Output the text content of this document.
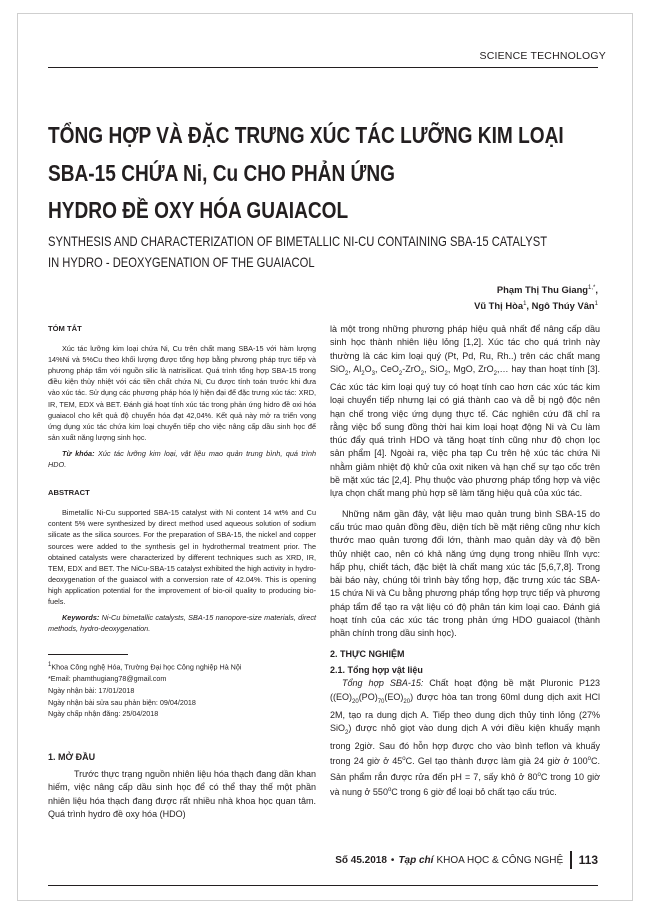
SCIENCE TECHNOLOGY
TỔNG HỢP VÀ ĐẶC TRƯNG XÚC TÁC LƯỠNG KIM LOẠI
SBA-15 CHỨA Ni, Cu CHO PHẢN ỨNG
HYDRO ĐỀ OXY HÓA GUAIACOL
SYNTHESIS AND CHARACTERIZATION OF BIMETALLIC NI-CU CONTAINING SBA-15 CATALYST
IN HYDRO - DEOXYGENATION OF THE GUAIACOL
Phạm Thị Thu Giang$^{1,*}$,
Vũ Thị Hòa$^1$, Ngô Thúy Vân$^1$
TÓM TẮT

Xúc tác lưỡng kim loại chứa Ni, Cu trên chất mang SBA-15 với hàm lượng 14%Ni và 5%Cu theo khối lượng được tổng hợp bằng phương pháp trực tiếp và phương pháp tẩm với nguồn silic là natrisilicat. Quá trình tổng hợp SBA-15 trong điều kiện thủy nhiệt với các tiền chất chứa Ni, Cu được tính toán trước khi đưa vào xúc tác. Sử dụng các phương pháp hóa lý hiện đại để đặc trưng xúc tác: XRD, IR, TEM, EDX và BET. Đánh giá hoạt tính xúc tác trong phản ứng hidro đề oxi hóa guaiacol cho kết quả độ chuyển hóa đạt 42,04%. Kết quả này mở ra triển vọng ứng dụng xúc tác chứa kim loại chuyển tiếp cho việc nâng cấp dầu sinh học để sản xuất năng lượng sinh học.

Từ khóa: Xúc tác lưỡng kim loại, vật liệu mao quản trung bình, quá trình HDO.

ABSTRACT

Bimetallic Ni-Cu supported SBA-15 catalyst with Ni content 14 wt% and Cu content 5% were synthesized by direct method used aqueous solution of sodium silicate as the silica sources. For the preparation of SBA-15, the nickel and copper sources were added to the synthesis gel in hydrothermal treatment prior. The obtained catalysts were characterized by different techniques such as XRD, IR, TEM, EDX and BET. The NiCu-SBA-15 catalyst exhibited the high activity in hydro-deoxygenation of the guaiacol with a conversion rate of 42.04%. This is opening high application potential for the improvement of bio-oil quality to producing bio-fuels.

Keywords: Ni-Cu bimetallic catalysts, SBA-15 nanopore-size materials, direct methods, hydro-deoxygenation.

$^1$Khoa Công nghệ Hóa, Trường Đại học Công nghiệp Hà Nội
*Email: phamthugiang78@gmail.com
Ngày nhận bài: 17/01/2018
Ngày nhận bài sửa sau phản biện: 09/04/2018
Ngày chấp nhận đăng: 25/04/2018
1. MỞ ĐẦU

Trước thực trạng nguồn nhiên liệu hóa thạch đang dần khan hiếm, việc nâng cấp dầu sinh học để có thể thay thế một phần nhiên liệu hóa thạch đang được rất nhiều nhà khoa học quan tâm. Quá trình hydro đề oxy hóa (HDO)

là một trong những phương pháp hiệu quả nhất để nâng cấp dầu sinh học thành nhiên liệu lỏng [1,2]. Xúc tác cho quá trình này thường là các kim loại quý (Pt, Pd, Ru, Rh..) trên các chất mang SiO$_2$, $Al_2O_3$, CeO$_2$-ZrO$_2$, SiO$_2$, MgO, ZrO$_2$,… hay than hoạt tính [3]. Các xúc tác kim loại quý tuy có hoạt tính cao hơn các xúc tác kim loại chuyển tiếp nhưng lại có giá thành cao và dễ bị ngộ độc nên hạn chế trong việc ứng dụng thực tế. Các nghiên cứu đã chỉ ra rằng việc bổ sung đồng thời hai kim loại hoạt động Ni và Cu làm thúc đẩy quá trình HDO và tăng hoạt tính cũng như độ chọn lọc sản phẩm [4]. Ngoài ra, việc pha tạp Cu trên hệ xúc tác chứa Ni nhằm giảm nhiệt độ khử của oxit niken và hạn chế sự tạo cốc trên bề mặt xúc tác [2,4]. Phụ thuộc vào phương pháp tổng hợp và việc lựa chọn chất mang phù hợp sẽ làm tăng hiệu quả của xúc tác.

Những năm gần đây, vật liệu mao quản trung bình SBA-15 do cấu trúc mao quản đồng đều, diện tích bề mặt riêng cũng như kích thước mao quản tương đối lớn, thành mao quản dày và độ bền thủy nhiệt cao, nên có khả năng ứng dụng trong nhiều lĩnh vực: hấp phụ, chiết tách, đặc biệt là chất mang xúc tác [5,6,7,8]. Trong bài báo này, chúng tôi trình bày tổng hợp, đặc trưng xúc tác SBA-15 chứa Ni và Cu bằng phương pháp tổng hợp trực tiếp và phương pháp tẩm để tạo ra vật liệu có độ phân tán kim loại cao. Đánh giá hoạt tính của các xúc tác trong phản ứng HDO guaiacol (thành phần chính trong dầu sinh học).

2. THỰC NGHIỆM
2.1. Tổng hợp vật liệu

Tổng hợp SBA-15: Chất hoạt động bề mặt Pluronic P123 $((EO)_{20}(PO)_{70}(EO)_{20})$ được hòa tan trong 60ml dung dịch axit HCl 2M, tạo ra dung dịch A. Tiếp theo dung dịch thủy tinh lỏng (27% SiO$_2$) được nhỏ giọt vào dung dịch A với điều kiện khuấy mạnh trong 2giờ. Sau đó hỗn hợp được cho vào bình teflon và khuấy trong 24 giờ ở 45$^o$C. Gel tạo thành được làm già 24 giờ ở 100$^o$C. Sản phẩm rắn được rửa đến pH = 7, sấy khô ở 80$^o$C trong 10 giờ và nung ở 550$^o$C trong 6 giờ để loại bỏ chất tạo cấu trúc.

Số 45.2018 • Tạp chí KHOA HỌC & CÔNG NGHỆ 113
